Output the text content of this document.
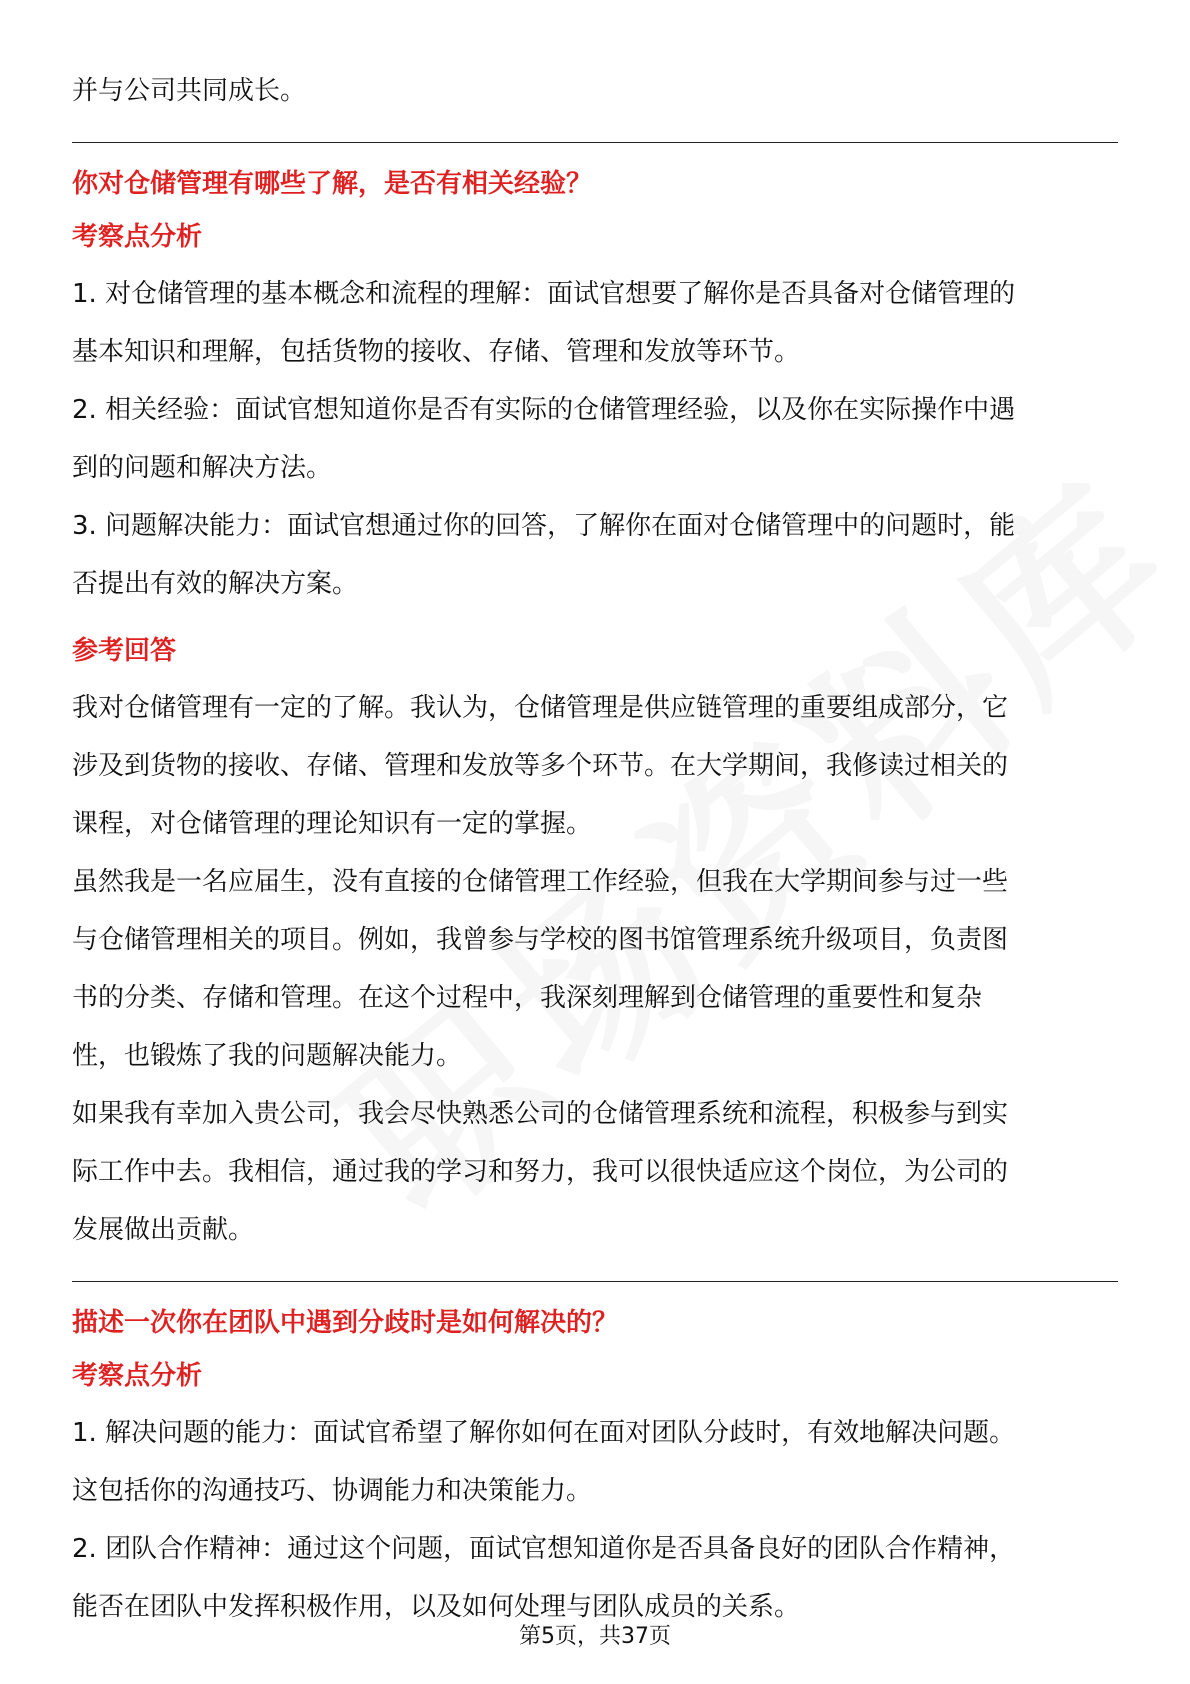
并与公司共同成长。

你对仓储管理有哪些了解，是否有相关经验？

考察点分析

1. 对仓储管理的基本概念和流程的理解：面试官想要了解你是否具备对仓储管理的

基本知识和理解，包括货物的接收、存储、管理和发放等环节。

2. 相关经验：面试官想知道你是否有实际的仓储管理经验，以及你在实际操作中遇

到的问题和解决方法。

3. 问题解决能力：面试官想通过你的回答，了解你在面对仓储管理中的问题时，能

否提出有效的解决方案。

参考回答

我对仓储管理有一定的了解。我认为，仓储管理是供应链管理的重要组成部分，它

涉及到货物的接收、存储、管理和发放等多个环节。在大学期间，我修读过相关的

课程，对仓储管理的理论知识有一定的掌握。

虽然我是一名应届生，没有直接的仓储管理工作经验，但我在大学期间参与过一些

与仓储管理相关的项目。例如，我曾参与学校的图书馆管理系统升级项目，负责图

书的分类、存储和管理。在这个过程中，我深刻理解到仓储管理的重要性和复杂

性，也锻炼了我的问题解决能力。

如果我有幸加入贵公司，我会尽快熟悉公司的仓储管理系统和流程，积极参与到实

际工作中去。我相信，通过我的学习和努力，我可以很快适应这个岗位，为公司的

发展做出贡献。

描述一次你在团队中遇到分歧时是如何解决的？

考察点分析

1. 解决问题的能力：面试官希望了解你如何在面对团队分歧时，有效地解决问题。

这包括你的沟通技巧、协调能力和决策能力。

2. 团队合作精神：通过这个问题，面试官想知道你是否具备良好的团队合作精神，

能否在团队中发挥积极作用，以及如何处理与团队成员的关系。

第5页，共37页
